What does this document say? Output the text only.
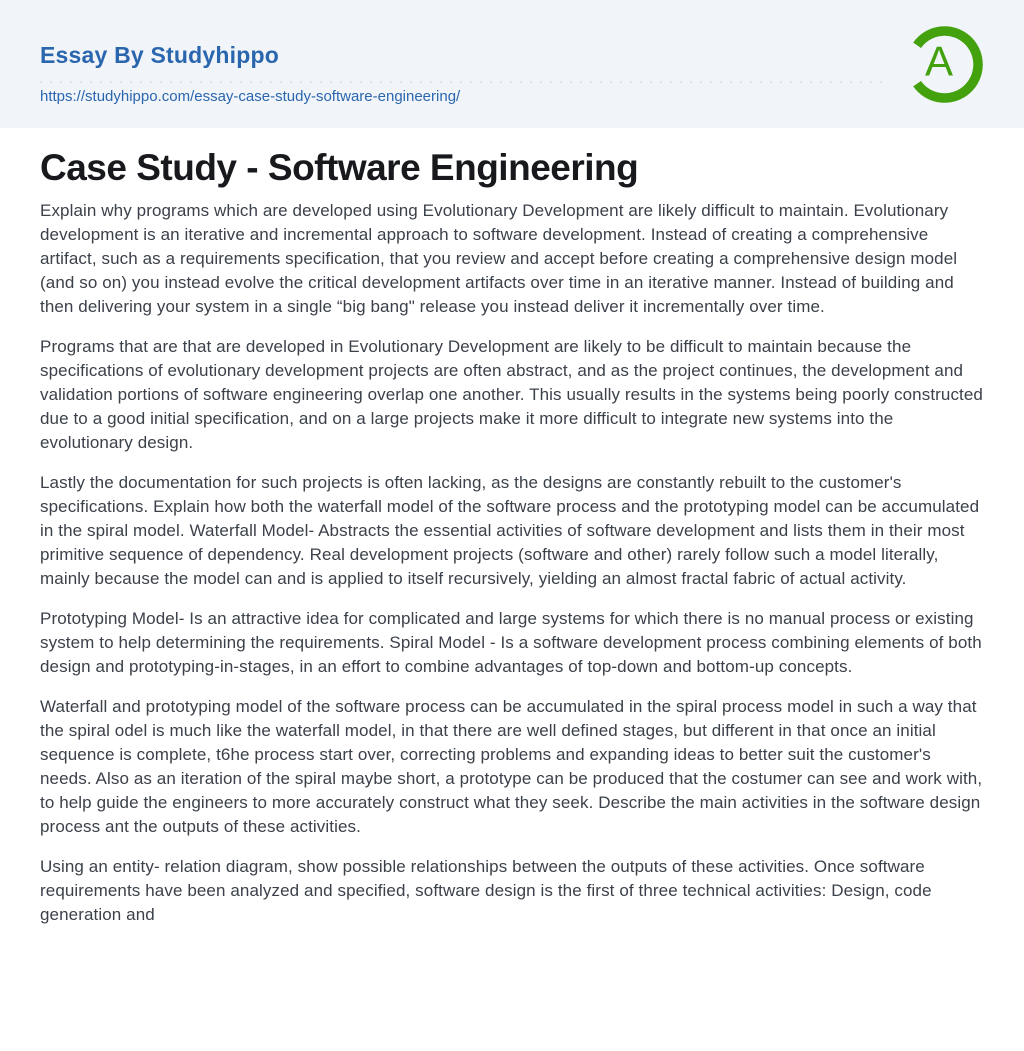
Essay By Studyhippo
https://studyhippo.com/essay-case-study-software-engineering/
A
Case Study - Software Engineering

Explain why programs which are developed using Evolutionary Development are likely difficult to maintain. Evolutionary development is an iterative and incremental approach to software development. Instead of creating a comprehensive artifact, such as a requirements specification, that you review and accept before creating a comprehensive design model (and so on) you instead evolve the critical development artifacts over time in an iterative manner. Instead of building and then delivering your system in a single “big bang" release you instead deliver it incrementally over time.

Programs that are that are developed in Evolutionary Development are likely to be difficult to maintain because the specifications of evolutionary development projects are often abstract, and as the project continues, the development and validation portions of software engineering overlap one another. This usually results in the systems being poorly constructed due to a good initial specification, and on a large projects make it more difficult to integrate new systems into the evolutionary design.

Lastly the documentation for such projects is often lacking, as the designs are constantly rebuilt to the customer's specifications. Explain how both the waterfall model of the software process and the prototyping model can be accumulated in the spiral model. Waterfall Model- Abstracts the essential activities of software development and lists them in their most primitive sequence of dependency. Real development projects (software and other) rarely follow such a model literally, mainly because the model can and is applied to itself recursively, yielding an almost fractal fabric of actual activity.

Prototyping Model- Is an attractive idea for complicated and large systems for which there is no manual process or existing system to help determining the requirements. Spiral Model - Is a software development process combining elements of both design and prototyping-in-stages, in an effort to combine advantages of top-down and bottom-up concepts.

Waterfall and prototyping model of the software process can be accumulated in the spiral process model in such a way that the spiral odel is much like the waterfall model, in that there are well defined stages, but different in that once an initial sequence is complete, t6he process start over, correcting problems and expanding ideas to better suit the customer's needs. Also as an iteration of the spiral maybe short, a prototype can be produced that the costumer can see and work with, to help guide the engineers to more accurately construct what they seek. Describe the main activities in the software design process ant the outputs of these activities.

Using an entity- relation diagram, show possible relationships between the outputs of these activities. Once software requirements have been analyzed and specified, software design is the first of three technical activities: Design, code generation and
